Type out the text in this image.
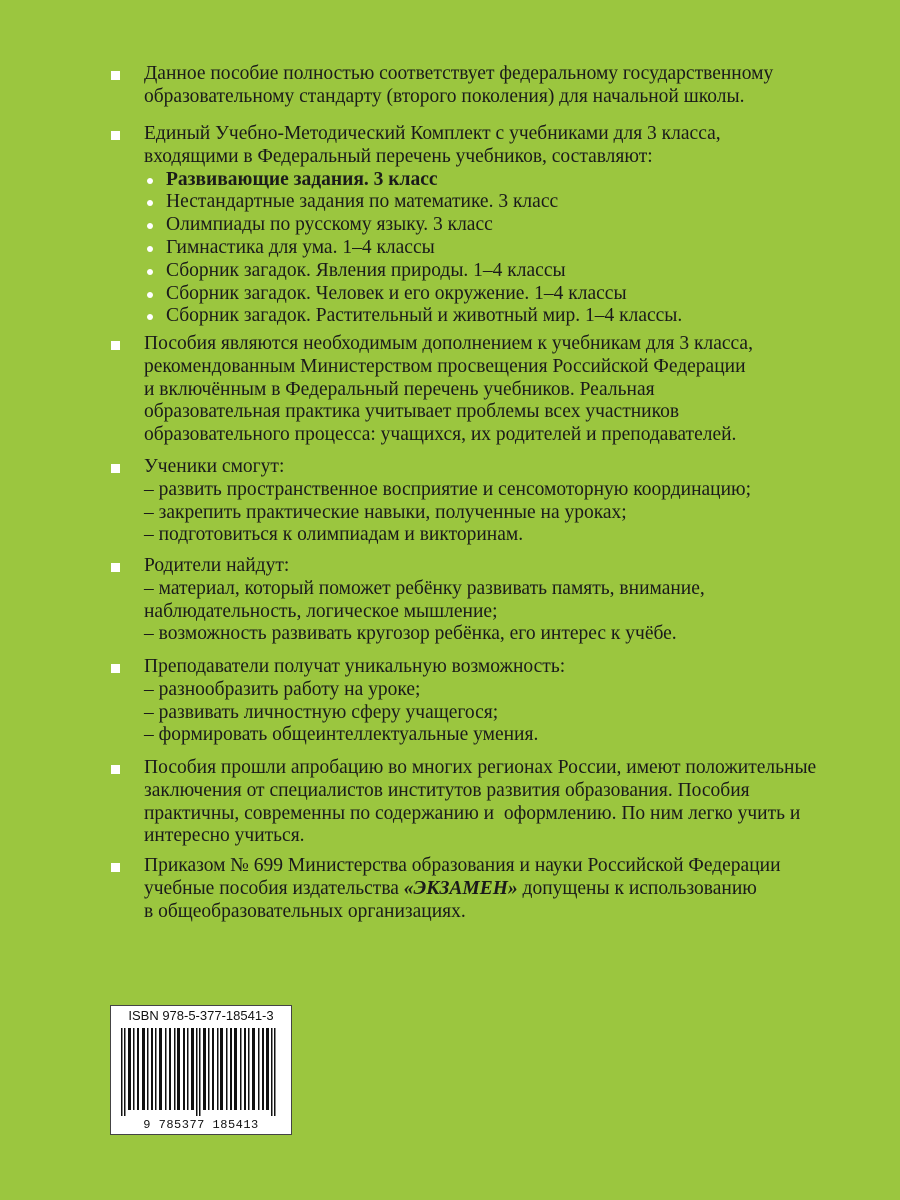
Данное пособие полностью соответствует федеральному государственному
образовательному стандарту (второго поколения) для начальной школы.
Единый Учебно-Методический Комплект с учебниками для 3 класса,
входящими в Федеральный перечень учебников, составляют:
Развивающие задания. 3 класс
Нестандартные задания по математике. 3 класс
Олимпиады по русскому языку. 3 класс
Гимнастика для ума. 1–4 классы
Сборник загадок. Явления природы. 1–4 классы
Сборник загадок. Человек и его окружение. 1–4 классы
Сборник загадок. Растительный и животный мир. 1–4 классы.
Пособия являются необходимым дополнением к учебникам для 3 класса,
рекомендованным Министерством просвещения Российской Федерации
и включённым в Федеральный перечень учебников. Реальная
образовательная практика учитывает проблемы всех участников
образовательного процесса: учащихся, их родителей и преподавателей.
Ученики смогут:
– развить пространственное восприятие и сенсомоторную координацию;
– закрепить практические навыки, полученные на уроках;
– подготовиться к олимпиадам и викторинам.
Родители найдут:
– материал, который поможет ребёнку развивать память, внимание,
наблюдательность, логическое мышление;
– возможность развивать кругозор ребёнка, его интерес к учёбе.
Преподаватели получат уникальную возможность:
– разнообразить работу на уроке;
– развивать личностную сферу учащегося;
– формировать общеинтеллектуальные умения.
Пособия прошли апробацию во многих регионах России, имеют положительные
заключения от специалистов институтов развития образования. Пособия
практичны, современны по содержанию и  оформлению. По ним легко учить и
интересно учиться.
Приказом № 699 Министерства образования и науки Российской Федерации
учебные пособия издательства «ЭКЗАМЕН» допущены к использованию
в общеобразовательных организациях.
ISBN 978-5-377-18541-3
9 785377 185413
